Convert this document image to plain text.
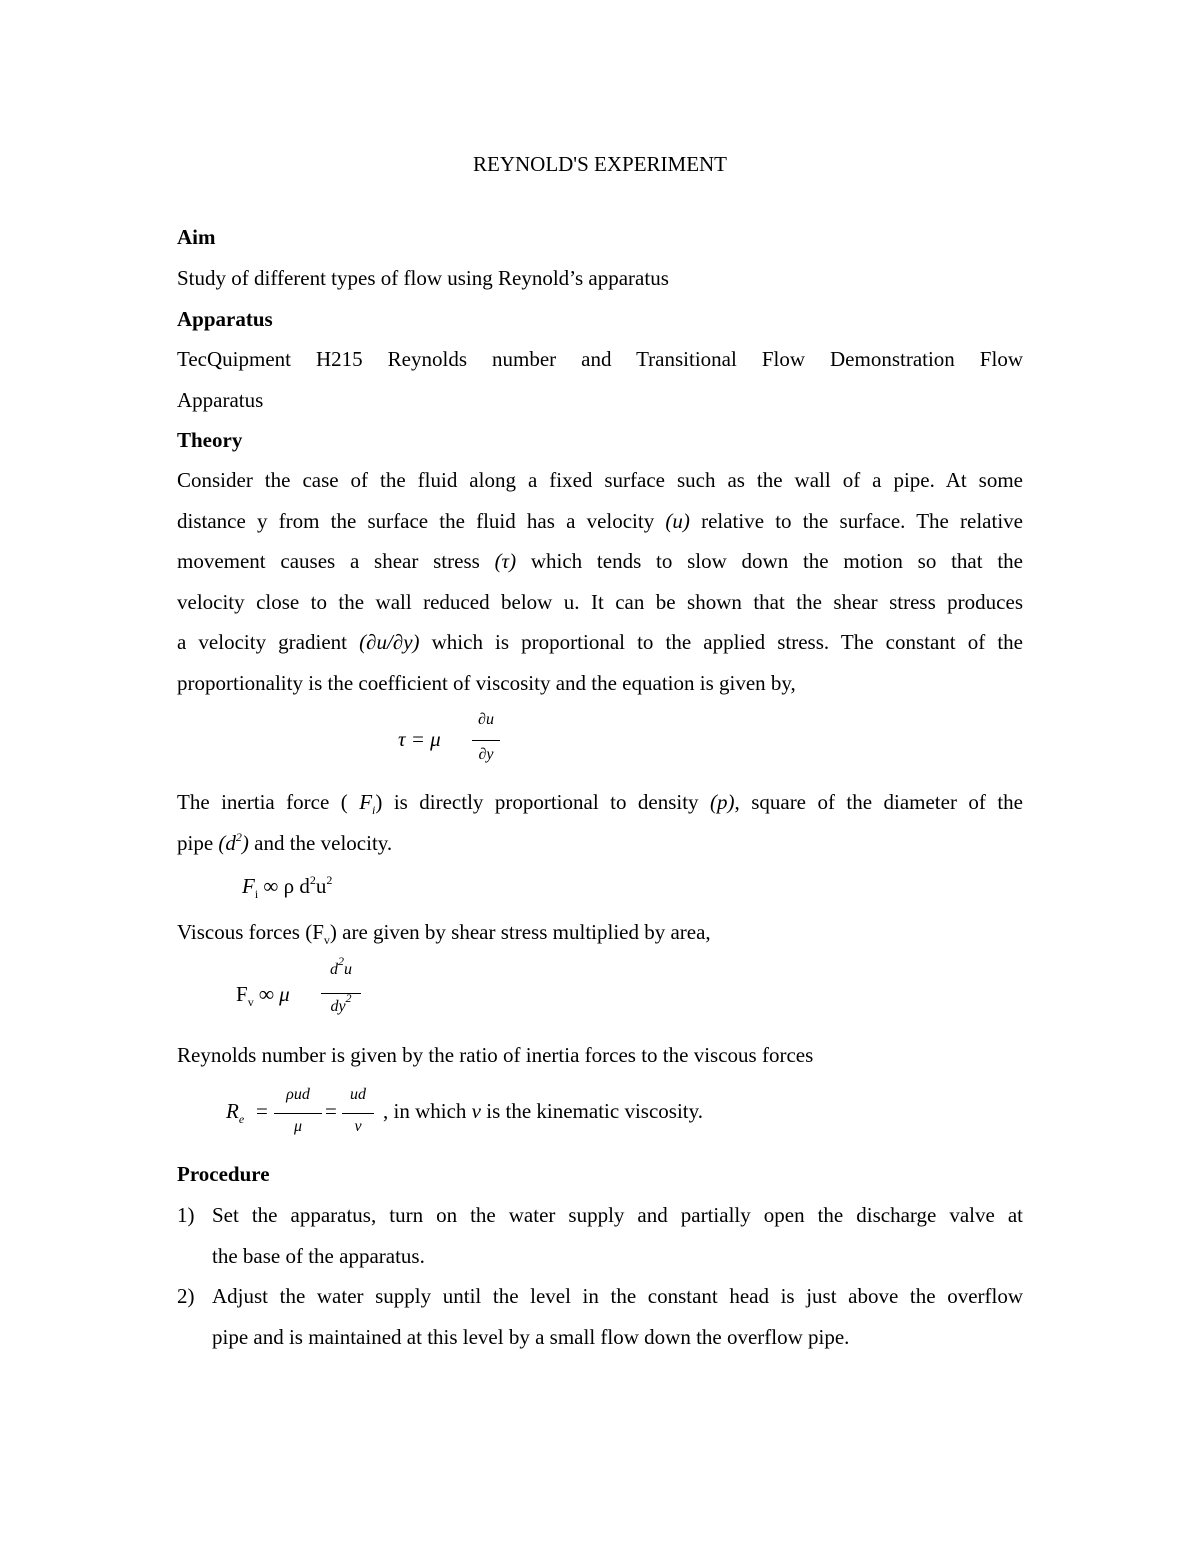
REYNOLD'S EXPERIMENT
Aim
Study of different types of flow using Reynold’s apparatus
Apparatus
TecQuipment H215 Reynolds number and Transitional Flow Demonstration Flow
Apparatus
Theory
Consider the case of the fluid along a fixed surface such as the wall of a pipe. At some
distance y from the surface the fluid has a velocity (u) relative to the surface. The relative
movement causes a shear stress (τ) which tends to slow down the motion so that the
velocity close to the wall reduced below u. It can be shown that the shear stress produces
a velocity gradient (∂u/∂y) which is proportional to the applied stress. The constant of the
proportionality is the coefficient of viscosity and the equation is given by,
τ = μ
∂u
∂y
The inertia force ( $F_i$) is directly proportional to density (p), square of the diameter of the
pipe $(d^2)$ and the velocity.
$F_i$ ∞ ρ $d^2u^2$
Viscous forces $(F_v)$ are given by shear stress multiplied by area,
$F_v$ ∞ μ
$d^2u$
$dy^2$
Reynolds number is given by the ratio of inertia forces to the viscous forces
$R_e$ =
ρud
μ
=
ud
ν
, in which ν is the kinematic viscosity.
Procedure
1) Set the apparatus, turn on the water supply and partially open the discharge valve at
the base of the apparatus.
2) Adjust the water supply until the level in the constant head is just above the overflow
pipe and is maintained at this level by a small flow down the overflow pipe.
